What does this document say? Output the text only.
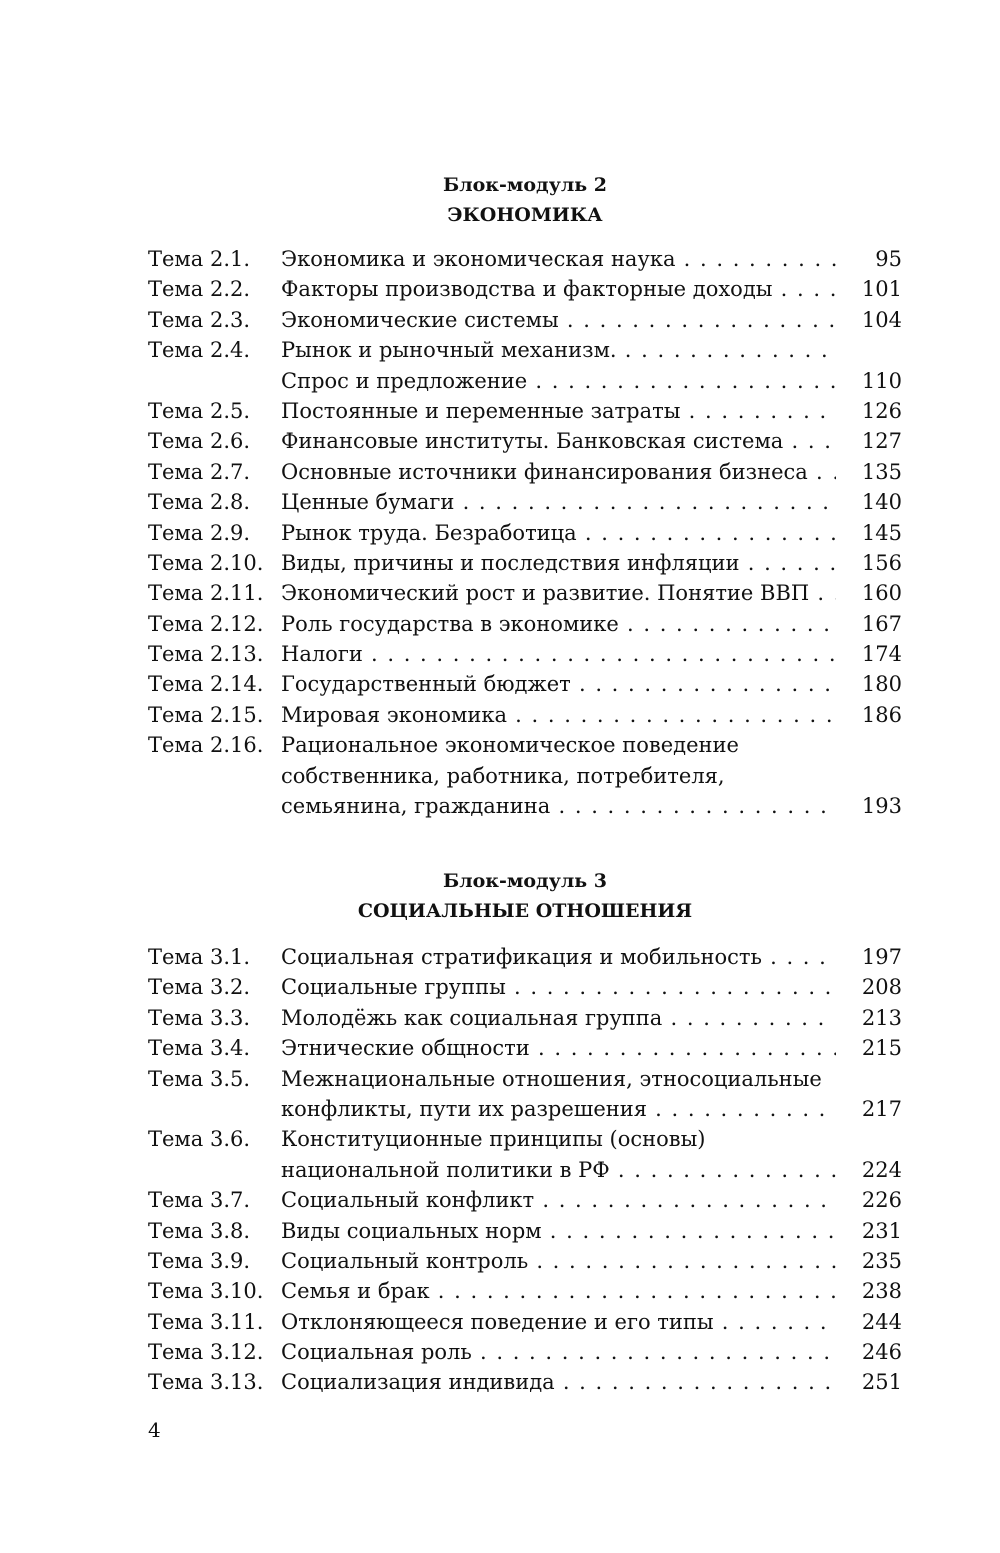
Блок-модуль 2
ЭКОНОМИКА
Тема 2.1. Экономика и экономическая наука . . .	95
Тема 2.2. Факторы производства и факторные доходы . . .	101
Тема 2.3. Экономические системы . . .	104
Тема 2.4. Рынок и рыночный механизм. . . .
Спрос и предложение . . .	110
Тема 2.5. Постоянные и переменные затраты . . .	126
Тема 2.6. Финансовые институты. Банковская система . . .	127
Тема 2.7. Основные источники финансирования бизнеса . . .	135
Тема 2.8. Ценные бумаги . . .	140
Тема 2.9. Рынок труда. Безработица . . .	145
Тема 2.10. Виды, причины и последствия инфляции . . .	156
Тема 2.11. Экономический рост и развитие. Понятие ВВП . . .	160
Тема 2.12. Роль государства в экономике . . .	167
Тема 2.13. Налоги . . .	174
Тема 2.14. Государственный бюджет . . .	180
Тема 2.15. Мировая экономика . . .	186
Тема 2.16. Рациональное экономическое поведение
собственника, работника, потребителя,
семьянина, гражданина . . .	193
Блок-модуль 3
СОЦИАЛЬНЫЕ ОТНОШЕНИЯ
Тема 3.1. Социальная стратификация и мобильность . . .	197
Тема 3.2. Социальные группы . . .	208
Тема 3.3. Молодёжь как социальная группа . . .	213
Тема 3.4. Этнические общности . . .	215
Тема 3.5. Межнациональные отношения, этносоциальные
конфликты, пути их разрешения . . .	217
Тема 3.6. Конституционные принципы (основы)
национальной политики в РФ . . .	224
Тема 3.7. Социальный конфликт . . .	226
Тема 3.8. Виды социальных норм . . .	231
Тема 3.9. Социальный контроль . . .	235
Тема 3.10. Семья и брак . . .	238
Тема 3.11. Отклоняющееся поведение и его типы . . .	244
Тема 3.12. Социальная роль . . .	246
Тема 3.13. Социализация индивида . . .	251
4
